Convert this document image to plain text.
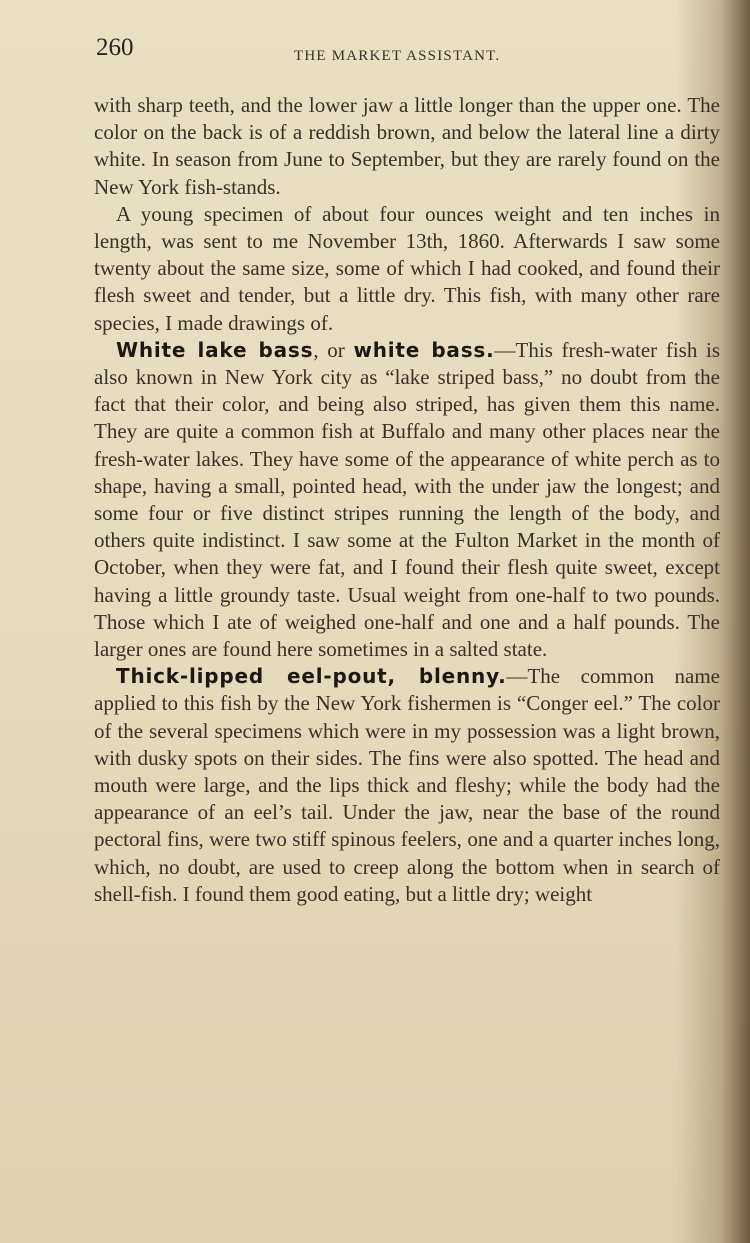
260	THE MARKET ASSISTANT.

with sharp teeth, and the lower jaw a little longer than the upper one. The color on the back is of a reddish brown, and below the lateral line a dirty white. In season from June to September, but they are rarely found on the New York fish-stands.

A young specimen of about four ounces weight and ten inches in length, was sent to me November 13th, 1860. Afterwards I saw some twenty about the same size, some of which I had cooked, and found their flesh sweet and tender, but a little dry. This fish, with many other rare species, I made drawings of.

White lake bass, or white bass.—This fresh-water fish is also known in New York city as “lake striped bass,” no doubt from the fact that their color, and being also striped, has given them this name. They are quite a common fish at Buffalo and many other places near the fresh-water lakes. They have some of the appearance of white perch as to shape, having a small, pointed head, with the under jaw the longest; and some four or five distinct stripes running the length of the body, and others quite indistinct. I saw some at the Fulton Market in the month of October, when they were fat, and I found their flesh quite sweet, except having a little groundy taste. Usual weight from one-half to two pounds. Those which I ate of weighed one-half and one and a half pounds. The larger ones are found here sometimes in a salted state.

Thick-lipped eel-pout, blenny.—The common name applied to this fish by the New York fishermen is “Conger eel.” The color of the several specimens which were in my possession was a light brown, with dusky spots on their sides. The fins were also spotted. The head and mouth were large, and the lips thick and fleshy; while the body had the appearance of an eel’s tail. Under the jaw, near the base of the round pectoral fins, were two stiff spinous feelers, one and a quarter inches long, which, no doubt, are used to creep along the bottom when in search of shell-fish. I found them good eating, but a little dry; weight
